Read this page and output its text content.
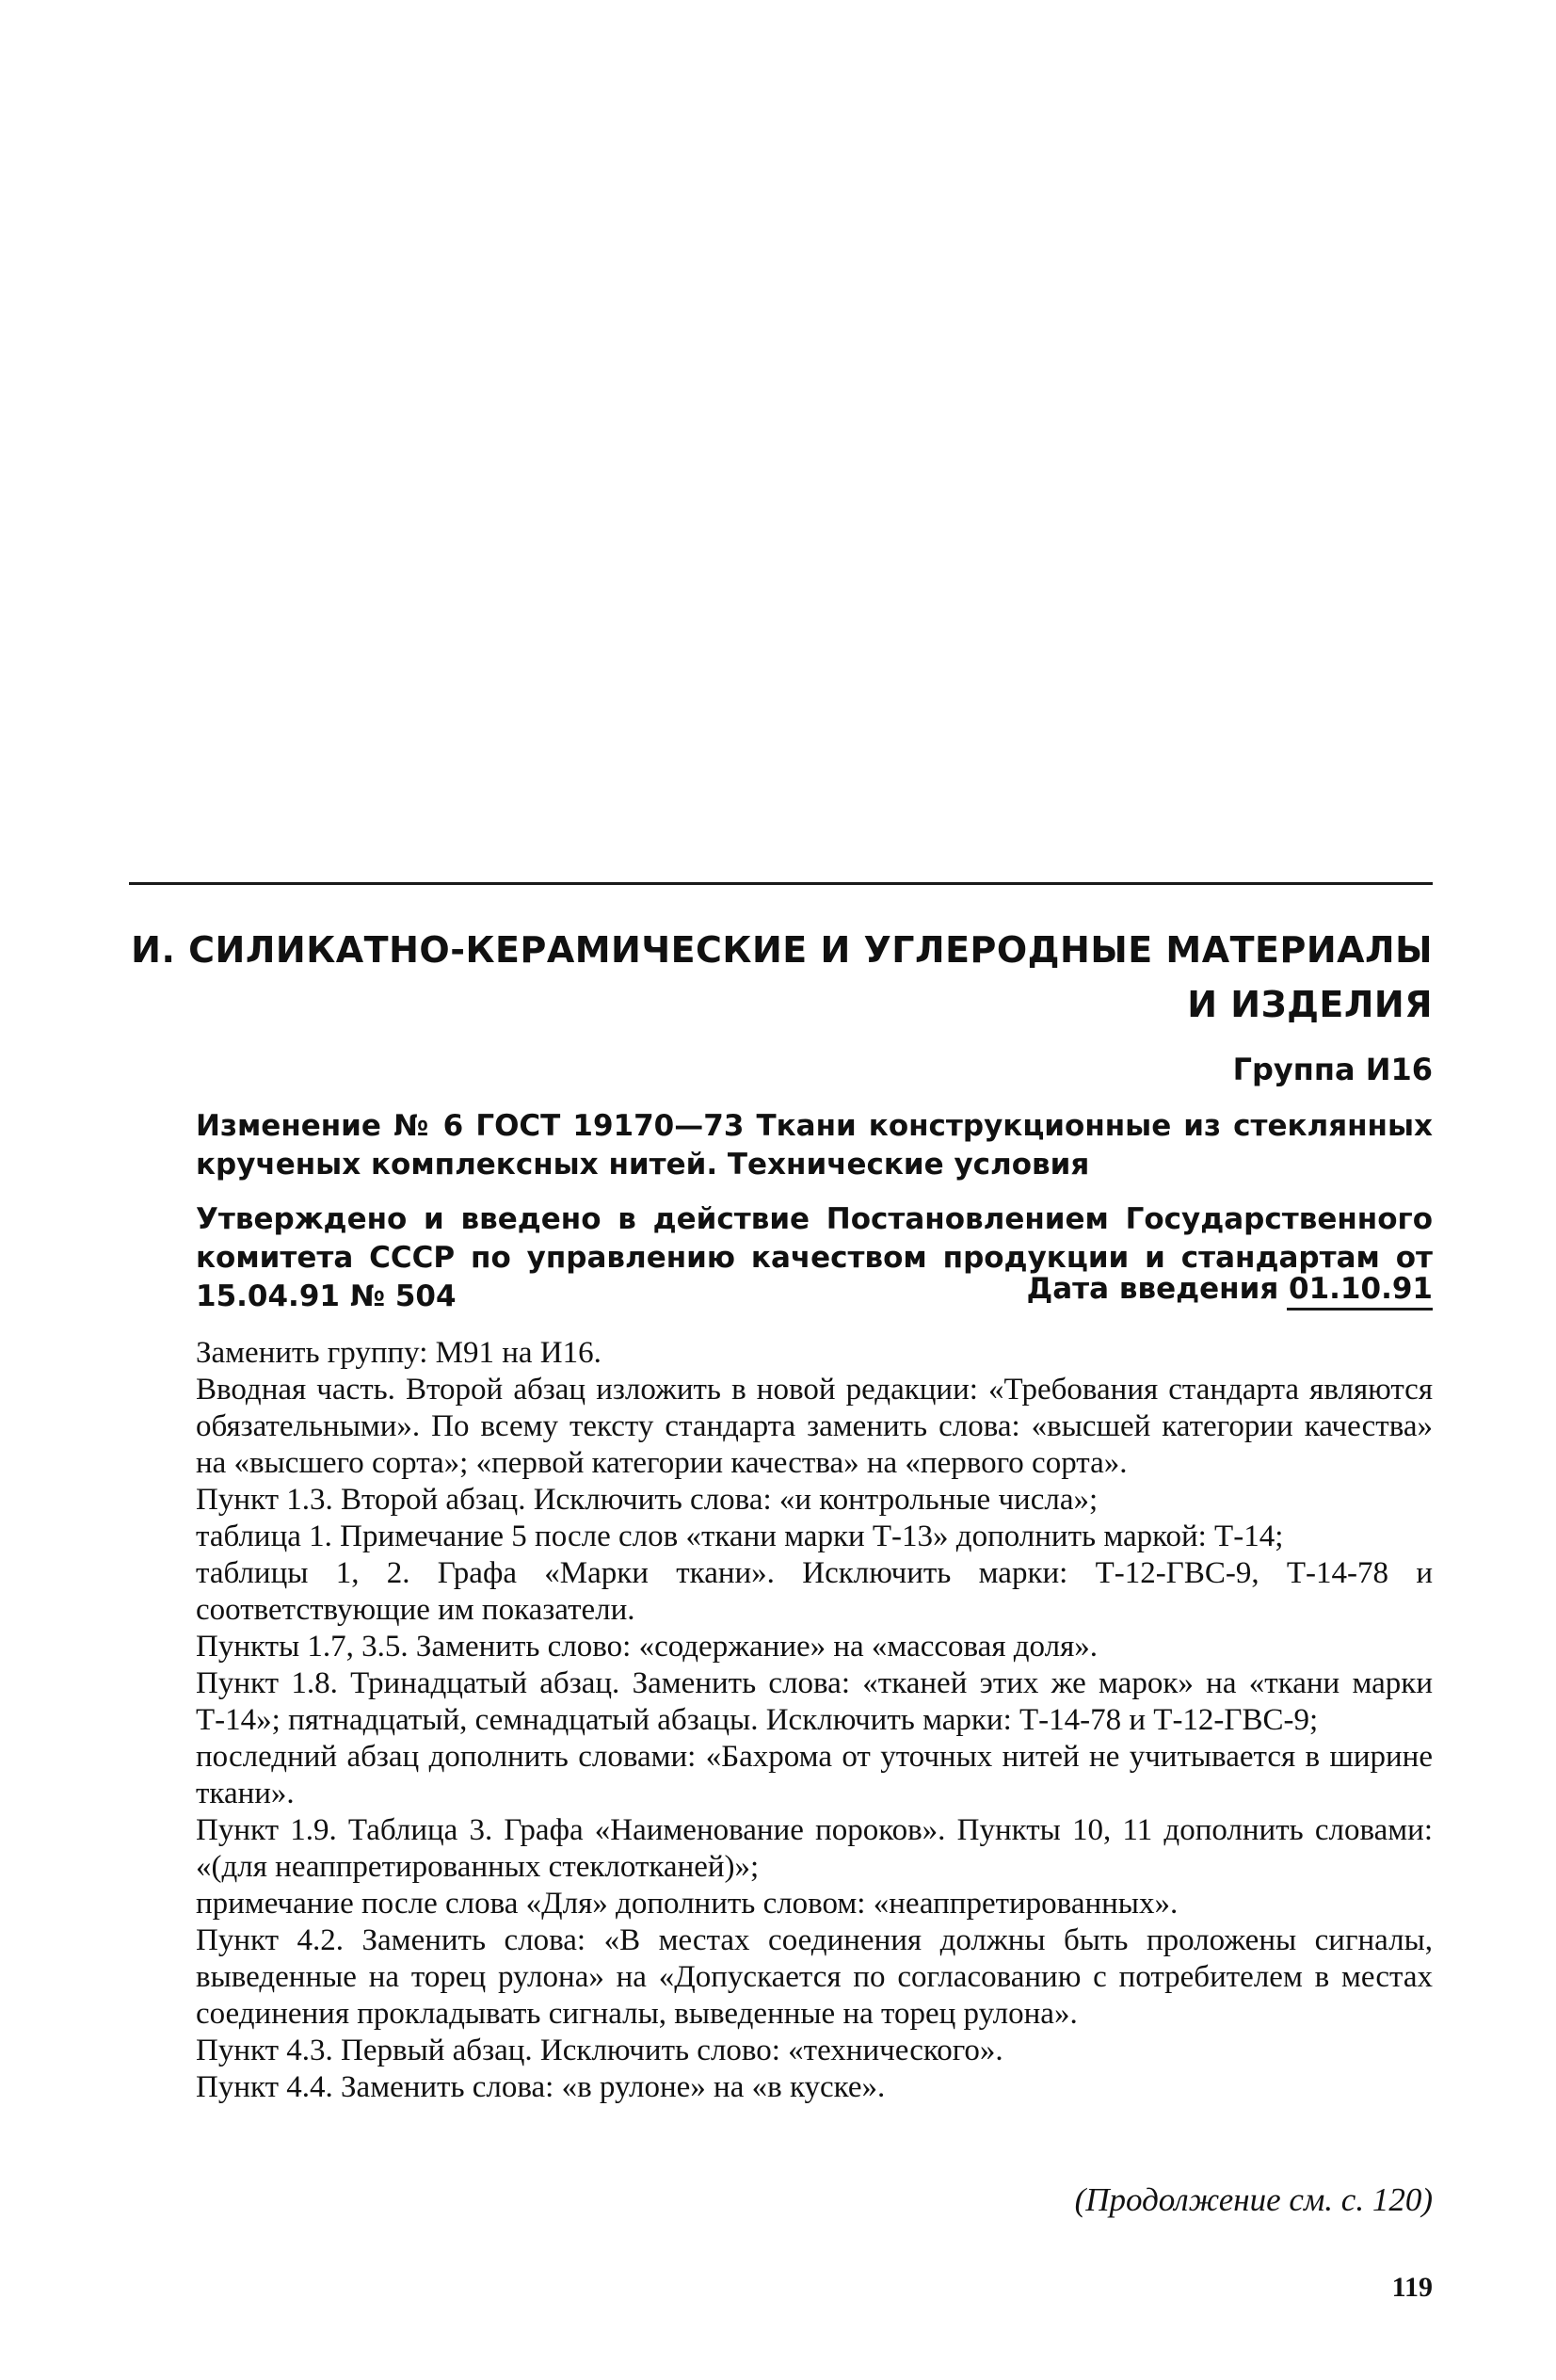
И. СИЛИКАТНО-КЕРАМИЧЕСКИЕ И УГЛЕРОДНЫЕ МАТЕРИАЛЫ
И ИЗДЕЛИЯ
Группа И16

Изменение № 6 ГОСТ 19170—73 Ткани конструкционные из стеклянных крученых комплексных нитей. Технические условия

Утверждено и введено в действие Постановлением Государственного комитета СССР по управлению качеством продукции и стандартам от 15.04.91 № 504	Дата введения 01.10.91

Заменить группу: М91 на И16.

Вводная часть. Второй абзац изложить в новой редакции: «Требования стандарта являются обязательными». По всему тексту стандарта заменить слова: «высшей категории качества» на «высшего сорта»; «первой категории качества» на «первого сорта».

Пункт 1.3. Второй абзац. Исключить слова: «и контрольные числа»;

таблица 1. Примечание 5 после слов «ткани марки Т-13» дополнить маркой: Т-14;

таблицы 1, 2. Графа «Марки ткани». Исключить марки: Т-12-ГВС-9, Т-14-78 и соответствующие им показатели.

Пункты 1.7, 3.5. Заменить слово: «содержание» на «массовая доля».

Пункт 1.8. Тринадцатый абзац. Заменить слова: «тканей этих же марок» на «ткани марки Т-14»; пятнадцатый, семнадцатый абзацы. Исключить марки: Т-14-78 и Т-12-ГВС-9;

последний абзац дополнить словами: «Бахрома от уточных нитей не учитывается в ширине ткани».

Пункт 1.9. Таблица 3. Графа «Наименование пороков». Пункты 10, 11 дополнить словами: «(для неаппретированных стеклотканей)»;

примечание после слова «Для» дополнить словом: «неаппретированных».

Пункт 4.2. Заменить слова: «В местах соединения должны быть проложены сигналы, выведенные на торец рулона» на «Допускается по согласованию с потребителем в местах соединения прокладывать сигналы, выведенные на торец рулона».

Пункт 4.3. Первый абзац. Исключить слово: «технического».

Пункт 4.4. Заменить слова: «в рулоне» на «в куске».

(Продолжение см. с. 120)
119
